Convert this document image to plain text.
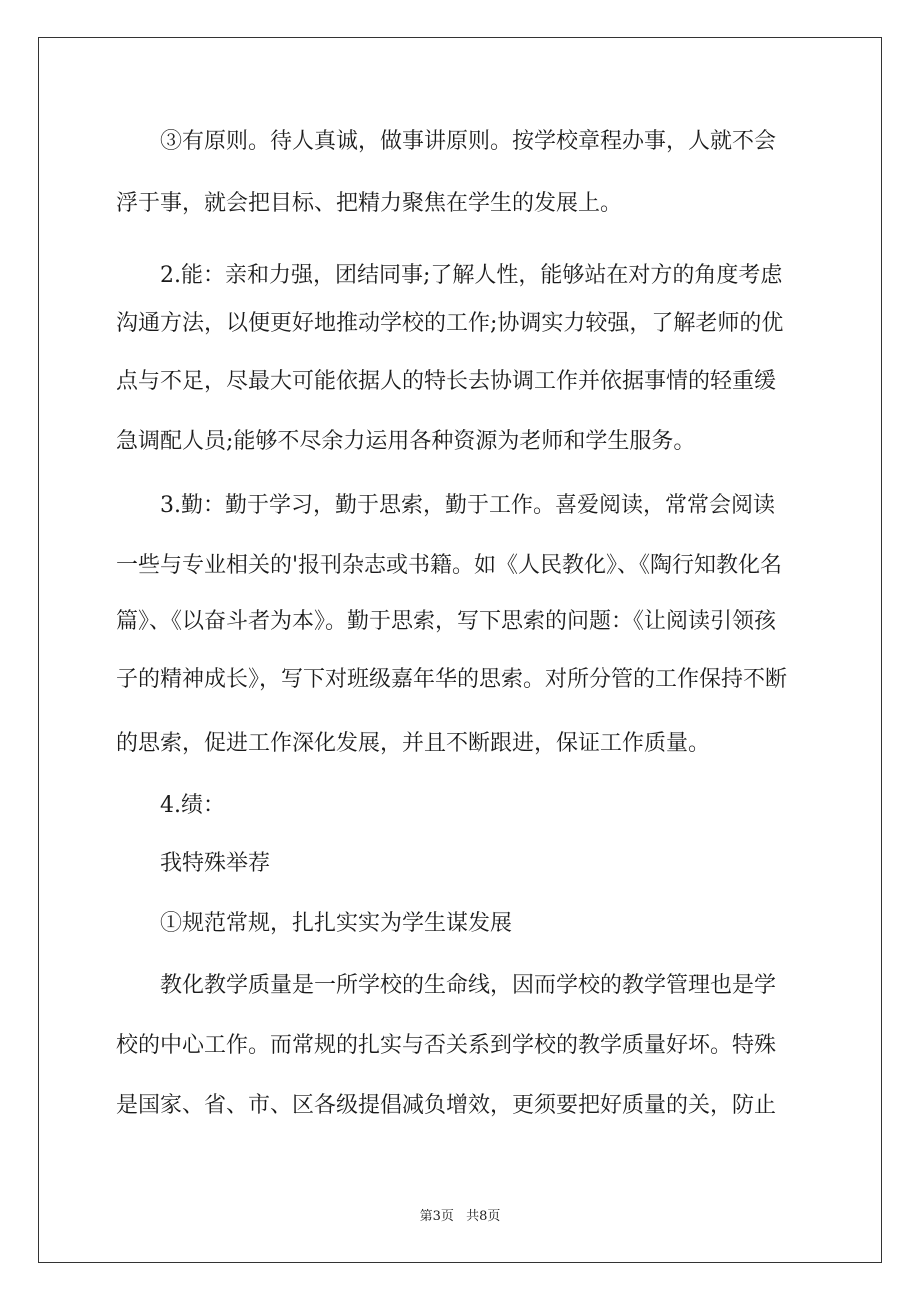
③有原则。待人真诚，做事讲原则。按学校章程办事，人就不会
浮于事，就会把目标、把精力聚焦在学生的发展上。
2.能：亲和力强，团结同事;了解人性，能够站在对方的角度考虑
沟通方法，以便更好地推动学校的工作;协调实力较强，了解老师的优
点与不足，尽最大可能依据人的特长去协调工作并依据事情的轻重缓
急调配人员;能够不尽余力运用各种资源为老师和学生服务。
3.勤：勤于学习，勤于思索，勤于工作。喜爱阅读，常常会阅读
一些与专业相关的'报刊杂志或书籍。如《人民教化》、《陶行知教化名
篇》、《以奋斗者为本》。勤于思索，写下思索的问题：《让阅读引领孩
子的精神成长》，写下对班级嘉年华的思索。对所分管的工作保持不断
的思索，促进工作深化发展，并且不断跟进，保证工作质量。
4.绩：
我特殊举荐
①规范常规，扎扎实实为学生谋发展
教化教学质量是一所学校的生命线，因而学校的教学管理也是学
校的中心工作。而常规的扎实与否关系到学校的教学质量好坏。特殊
是国家、省、市、区各级提倡减负增效，更须要把好质量的关，防止
第3页 共8页
